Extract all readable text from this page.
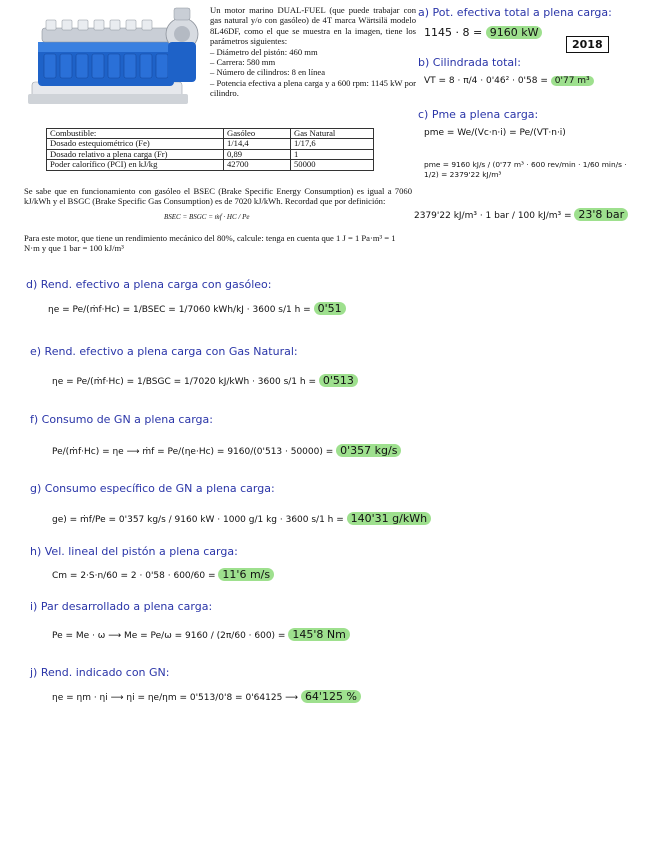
Un motor marino DUAL-FUEL (que puede trabajar con gas natural y/o con gasóleo) de 4T marca Wärtsilä modelo 8L46DF, como el que se muestra en la imagen, tiene los parámetros siguientes:

– Diámetro del pistón: 460 mm
– Carrera: 580 mm
– Número de cilindros: 8 en línea
– Potencia efectiva a plena carga y a 600 rpm: 1145 kW por cilindro.
Combustible:	Gasóleo	Gas Natural
Dosado estequiométrico (Fe)	1/14,4	1/17,6
Dosado relativo a plena carga (Fr)	0,89	1
Poder calorífico (PCI) en kJ/kg	42700	50000
Se sabe que en funcionamiento con gasóleo el BSEC (Brake Specific Energy Consumption) es igual a 7060 kJ/kWh y el BSGC (Brake Specific Gas Consumption) es de 7020 kJ/kWh. Recordad que por definición:
BSEC = BSGC = ṁf · HC / Pe
Para este motor, que tiene un rendimiento mecánico del 80%, calcule: tenga en cuenta que 1 J = 1 Pa·m³ = 1 N·m y que 1 bar = 100 kJ/m³
a) Pot. efectiva total a plena carga:
1145 · 8 = 9160 kW
2018
b) Cilindrada total:
VT = 8 · π/4 · 0'46² · 0'58 = 0'77 m³
c) Pme a plena carga:
pme = We/(Vc·n·i) = Pe/(VT·n·i)
pme = 9160 kJ/s / (0'77 m³ · 600 rev/min · 1/60 min/s · 1/2) = 2379'22 kJ/m³
2379'22 kJ/m³ · 1 bar / 100 kJ/m³ = 23'8 bar
d) Rend. efectivo a plena carga con gasóleo:
ηe = Pe/(ṁf·Hc) = 1/BSEC = 1/7060 kWh/kJ · 3600 s/1 h = 0'51
e) Rend. efectivo a plena carga con Gas Natural:
ηe = Pe/(ṁf·Hc) = 1/BSGC = 1/7020 kJ/kWh · 3600 s/1 h = 0'513
f) Consumo de GN a plena carga:
Pe/(ṁf·Hc) = ηe ⟶ ṁf = Pe/(ηe·Hc) = 9160/(0'513 · 50000) = 0'357 kg/s
g) Consumo específico de GN a plena carga:
ge) = ṁf/Pe = 0'357 kg/s / 9160 kW · 1000 g/1 kg · 3600 s/1 h = 140'31 g/kWh
h) Vel. lineal del pistón a plena carga:
Cm = 2·S·n/60 = 2 · 0'58 · 600/60 = 11'6 m/s
i) Par desarrollado a plena carga:
Pe = Me · ω ⟶ Me = Pe/ω = 9160 / (2π/60 · 600) = 145'8 Nm
j) Rend. indicado con GN:
ηe = ηm · ηi ⟶ ηi = ηe/ηm = 0'513/0'8 = 0'64125 ⟶ 64'125 %
